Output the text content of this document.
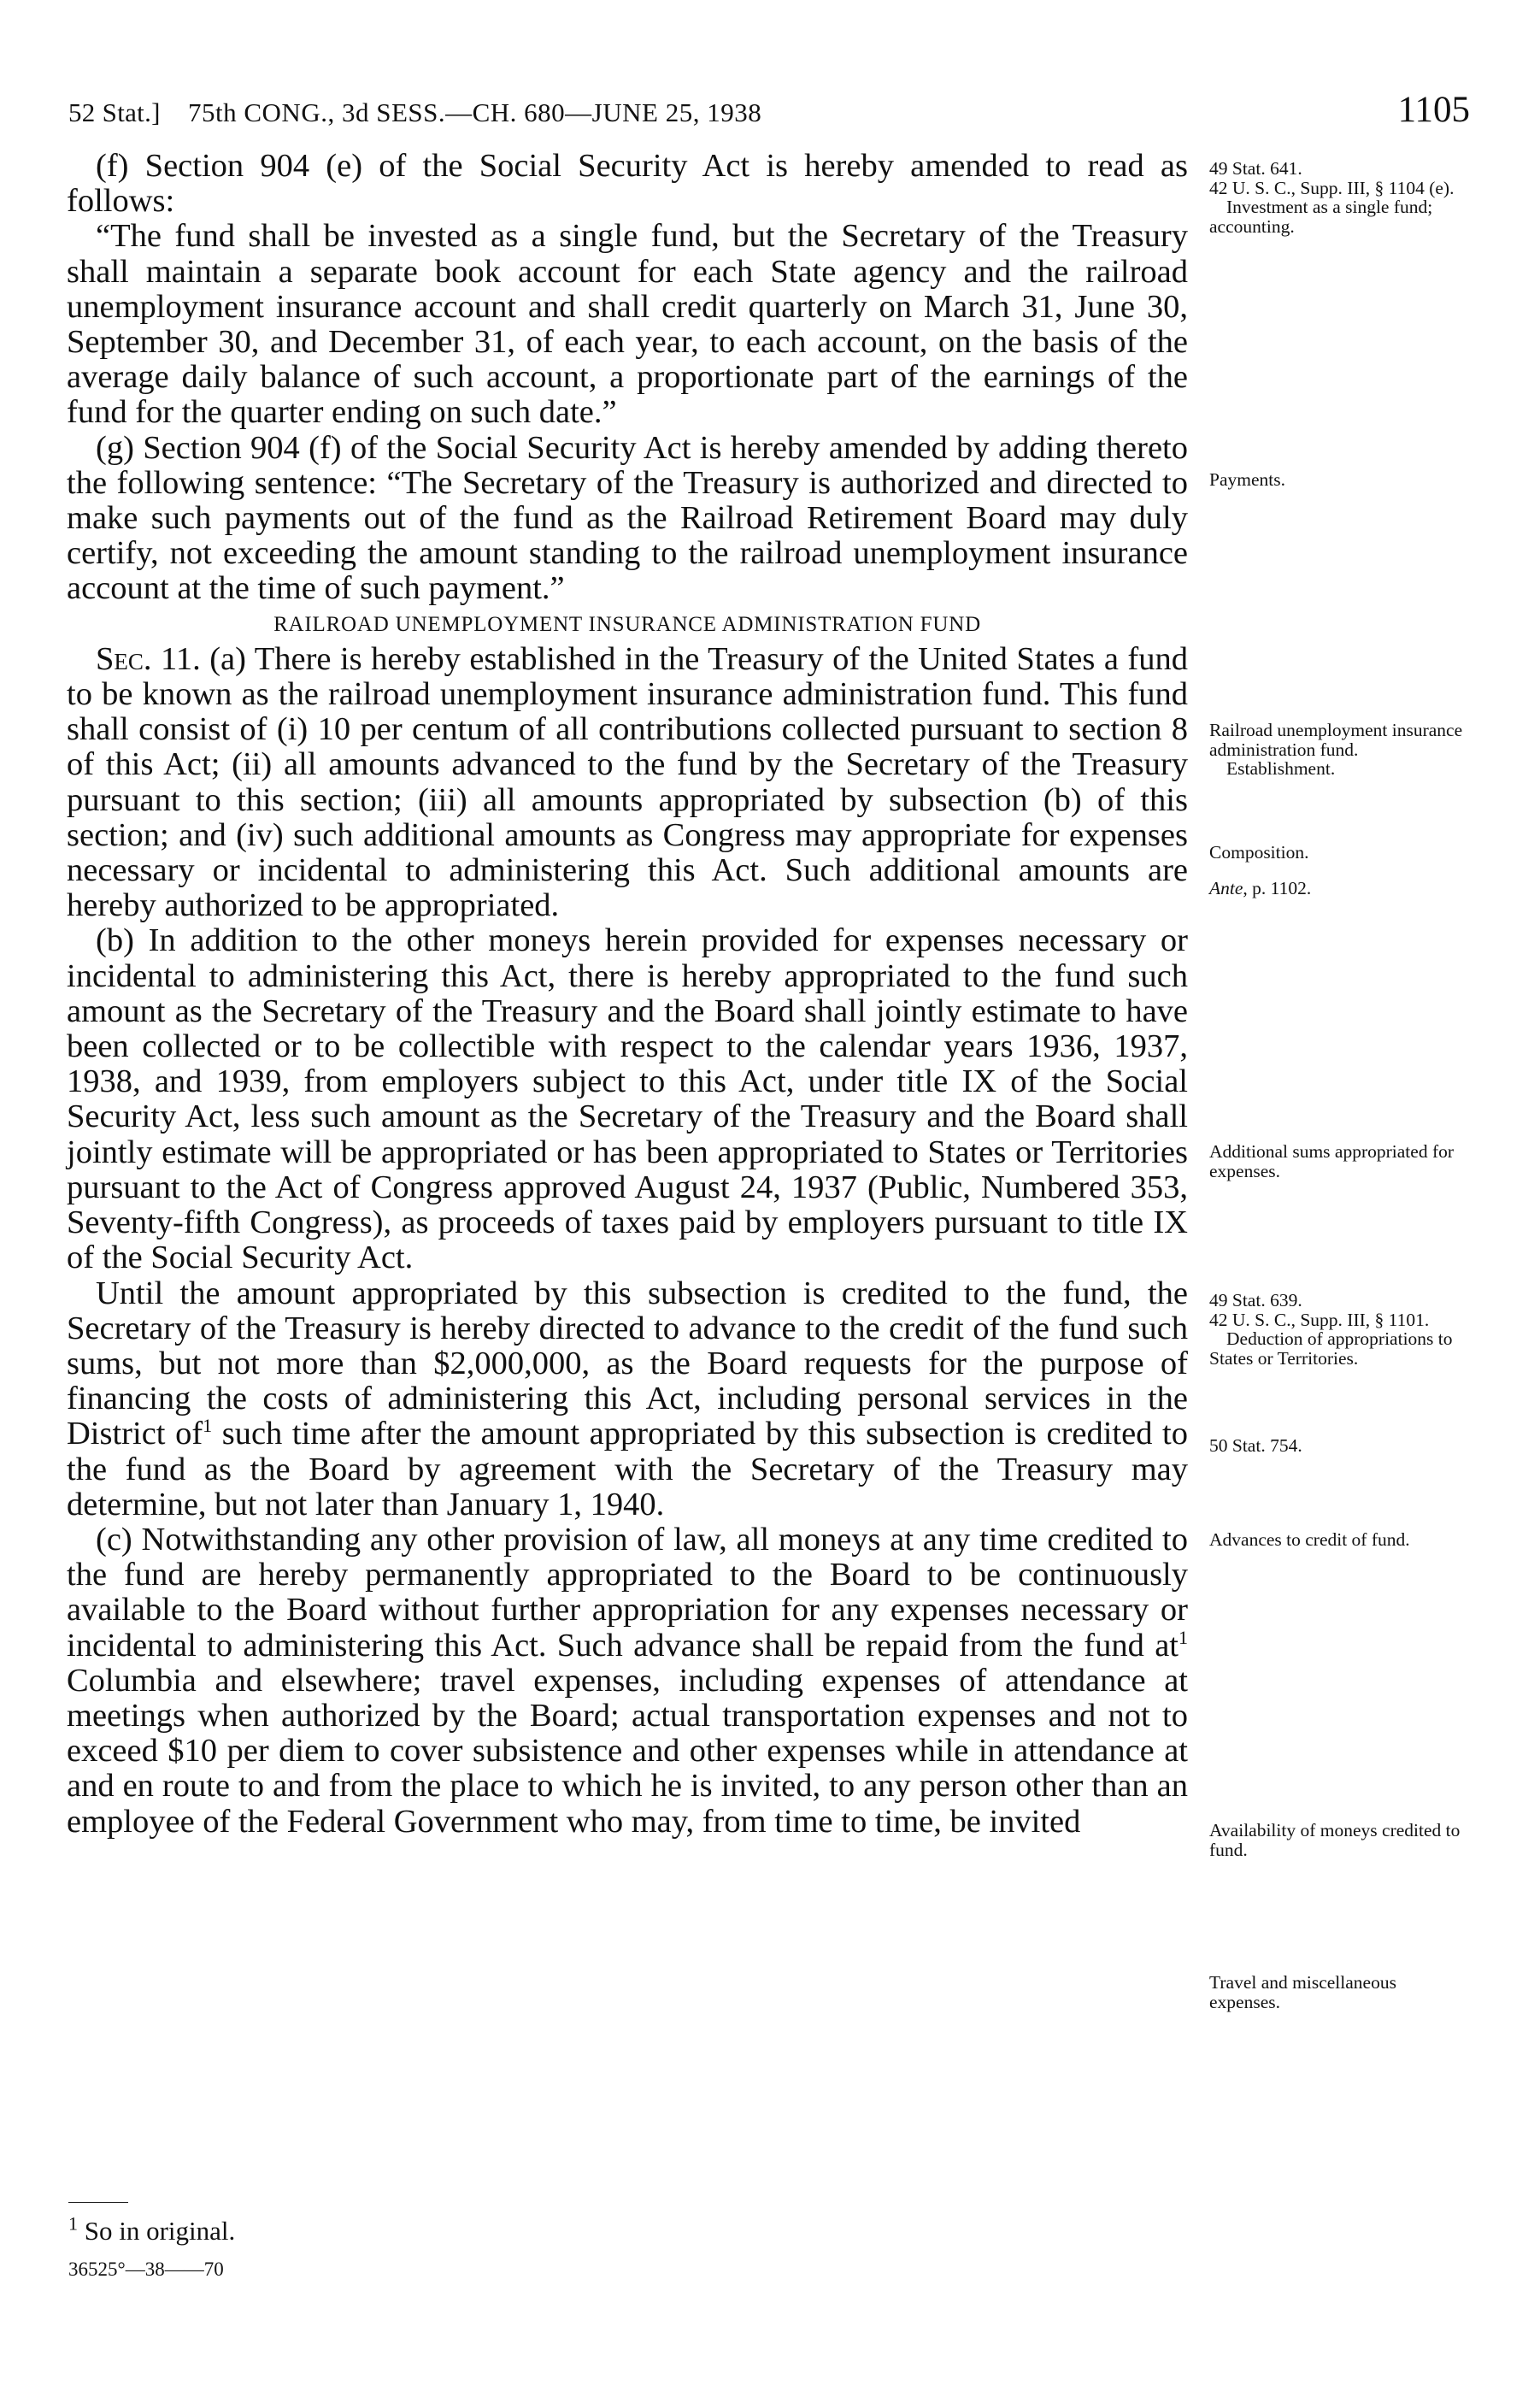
52 Stat.] 75th CONG., 3d SESS.—CH. 680—JUNE 25, 1938	1105

(f) Section 904 (e) of the Social Security Act is hereby amended to read as follows:

“The fund shall be invested as a single fund, but the Secretary of the Treasury shall maintain a separate book account for each State agency and the railroad unemployment insurance account and shall credit quarterly on March 31, June 30, September 30, and December 31, of each year, to each account, on the basis of the average daily balance of such account, a proportionate part of the earnings of the fund for the quarter ending on such date.”

(g) Section 904 (f) of the Social Security Act is hereby amended by adding thereto the following sentence: “The Secretary of the Treasury is authorized and directed to make such payments out of the fund as the Railroad Retirement Board may duly certify, not exceeding the amount standing to the railroad unemployment insurance account at the time of such payment.”

RAILROAD UNEMPLOYMENT INSURANCE ADMINISTRATION FUND

Sec. 11. (a) There is hereby established in the Treasury of the United States a fund to be known as the railroad unemployment insurance administration fund. This fund shall consist of (i) 10 per centum of all contributions collected pursuant to section 8 of this Act; (ii) all amounts advanced to the fund by the Secretary of the Treasury pursuant to this section; (iii) all amounts appropriated by subsection (b) of this section; and (iv) such additional amounts as Congress may appropriate for expenses necessary or incidental to administering this Act. Such additional amounts are hereby authorized to be appropriated.

(b) In addition to the other moneys herein provided for expenses necessary or incidental to administering this Act, there is hereby appropriated to the fund such amount as the Secretary of the Treasury and the Board shall jointly estimate to have been collected or to be collectible with respect to the calendar years 1936, 1937, 1938, and 1939, from employers subject to this Act, under title IX of the Social Security Act, less such amount as the Secretary of the Treasury and the Board shall jointly estimate will be appropriated or has been appropriated to States or Territories pursuant to the Act of Congress approved August 24, 1937 (Public, Numbered 353, Seventy-fifth Congress), as proceeds of taxes paid by employers pursuant to title IX of the Social Security Act.

Until the amount appropriated by this subsection is credited to the fund, the Secretary of the Treasury is hereby directed to advance to the credit of the fund such sums, but not more than $2,000,000, as the Board requests for the purpose of financing the costs of administering this Act, including personal services in the District $of^1$ such time after the amount appropriated by this subsection is credited to the fund as the Board by agreement with the Secretary of the Treasury may determine, but not later than January 1, 1940.

(c) Notwithstanding any other provision of law, all moneys at any time credited to the fund are hereby permanently appropriated to the Board to be continuously available to the Board without further appropriation for any expenses necessary or incidental to administering this Act. Such advance shall be repaid from the fund $at^1$ Columbia and elsewhere; travel expenses, including expenses of attendance at meetings when authorized by the Board; actual transportation expenses and not to exceed $10 per diem to cover subsistence and other expenses while in attendance at and en route to and from the place to which he is invited, to any person other than an employee of the Federal Government who may, from time to time, be invited

49 Stat. 641.
42 U. S. C., Supp. III, § 1104 (e).
Investment as a single fund; accounting.
Payments.
Railroad unemployment insurance administration fund.
Establishment.
Composition.
Ante, p. 1102.
Additional sums appropriated for expenses.
49 Stat. 639.
42 U. S. C., Supp. III, § 1101.
Deduction of appropriations to States or Territories.
50 Stat. 754.
Advances to credit of fund.
Availability of moneys credited to fund.
Travel and miscellaneous expenses.
$^1$ So in original.
36525°—38——70
